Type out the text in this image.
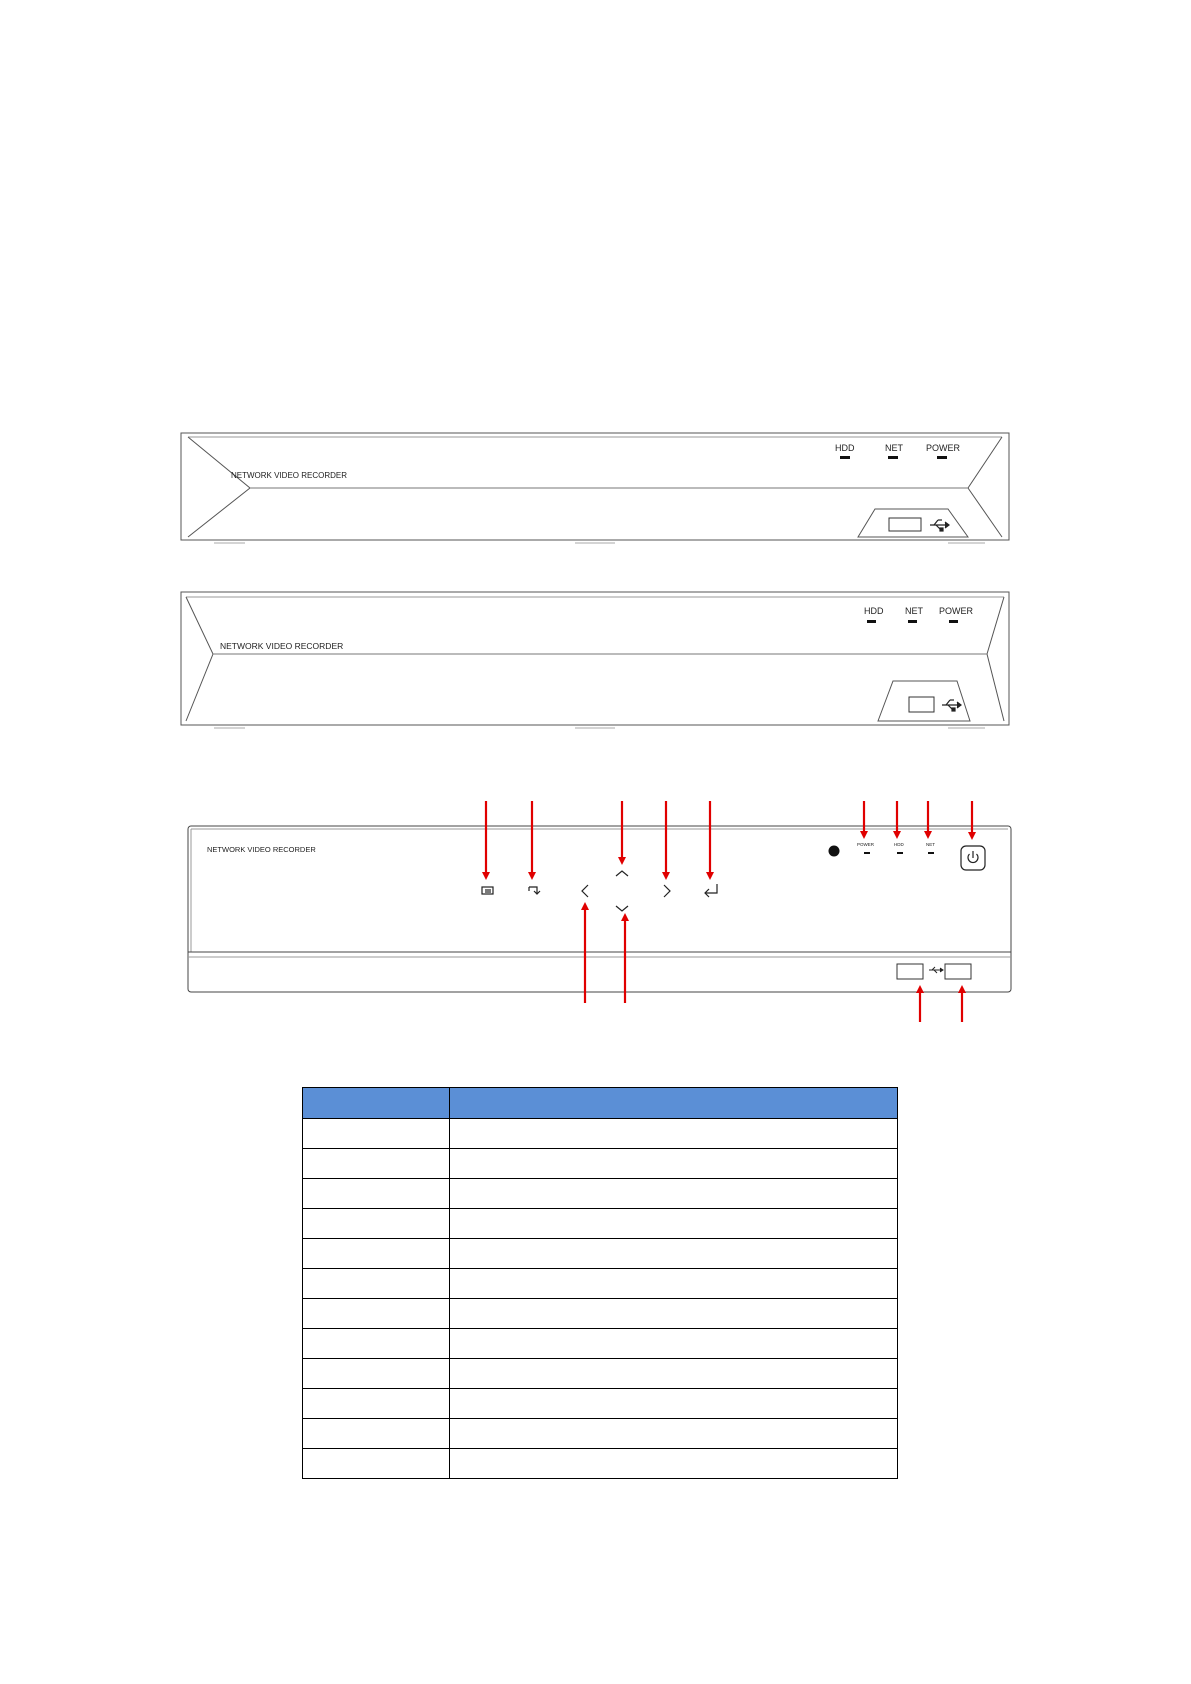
NETWORK VIDEO RECORDER
HDD	NET	POWER
NETWORK VIDEO RECORDER
HDD NET POWER
NETWORK VIDEO RECORDER
POWER	HDD	NET
